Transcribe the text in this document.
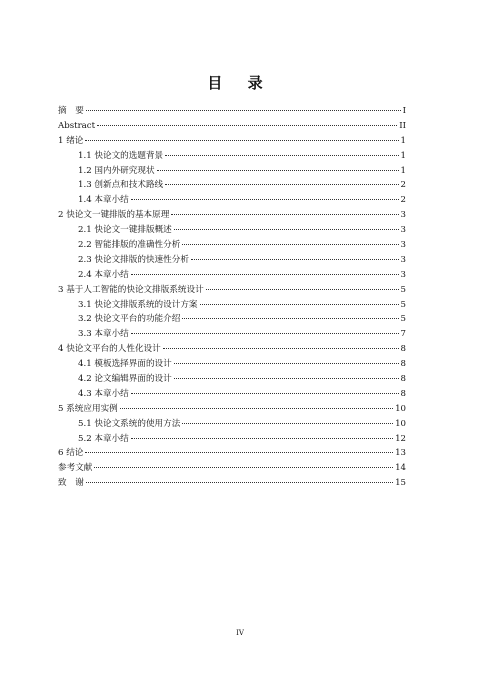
目 录
摘　要	I
Abstract	II
1 绪论	1
1.1 快论文的选题背景	1
1.2 国内外研究现状	1
1.3 创新点和技术路线	2
1.4 本章小结	2
2 快论文一键排版的基本原理	3
2.1 快论文一键排版概述	3
2.2 智能排版的准确性分析	3
2.3 快论文排版的快速性分析	3
2.4 本章小结	3
3 基于人工智能的快论文排版系统设计	5
3.1 快论文排版系统的设计方案	5
3.2 快论文平台的功能介绍	5
3.3 本章小结	7
4 快论文平台的人性化设计	8
4.1 模板选择界面的设计	8
4.2 论文编辑界面的设计	8
4.3 本章小结	8
5 系统应用实例	10
5.1 快论文系统的使用方法	10
5.2 本章小结	12
6 结论	13
参考文献	14
致　谢	15
IV
